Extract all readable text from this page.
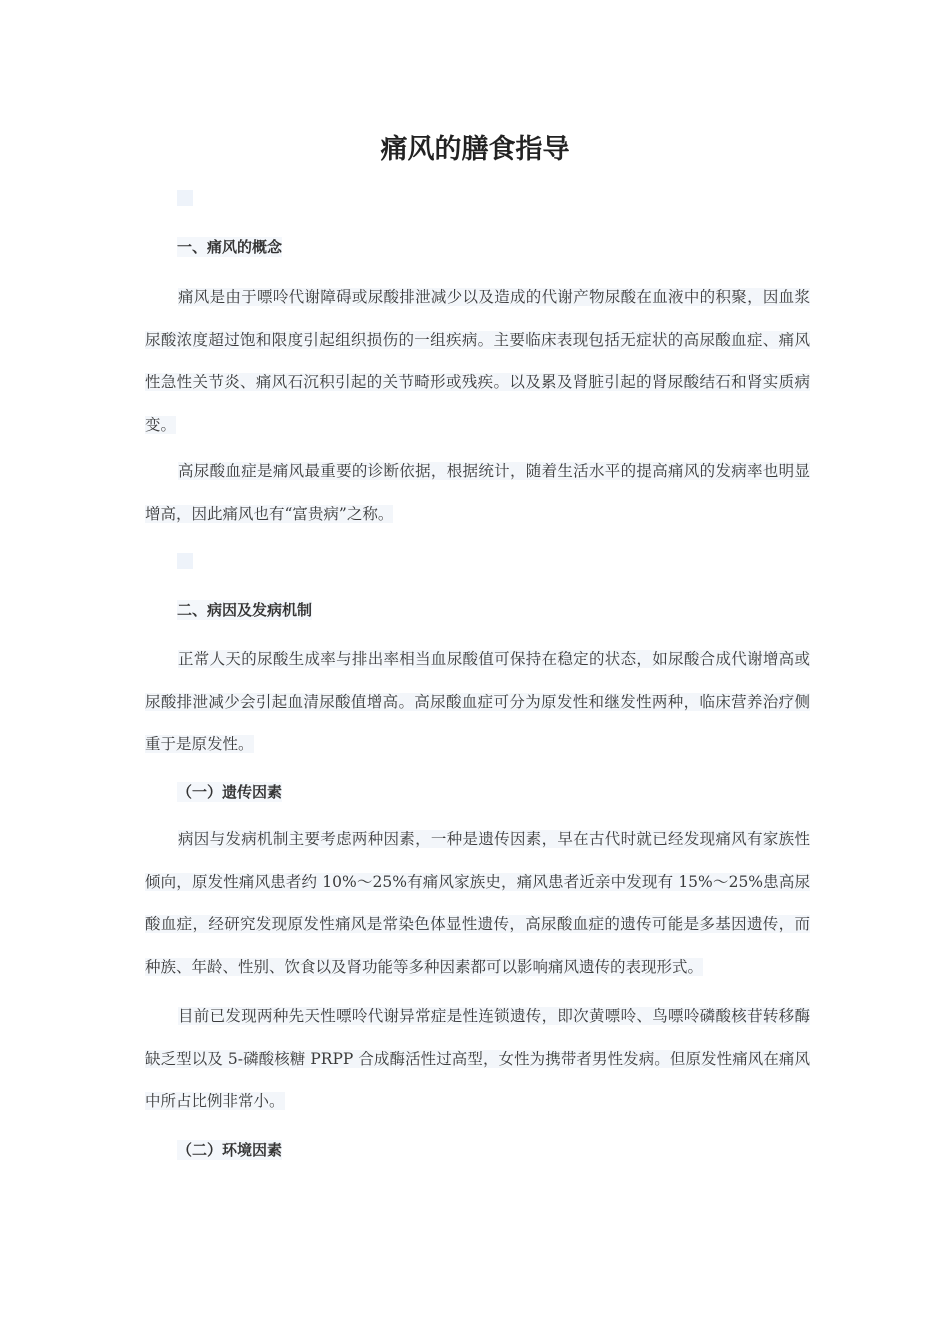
痛风的膳食指导
一、痛风的概念

痛风是由于嘌呤代谢障碍或尿酸排泄减少以及造成的代谢产物尿酸在血液中的积聚，因血浆尿酸浓度超过饱和限度引起组织损伤的一组疾病。主要临床表现包括无症状的高尿酸血症、痛风性急性关节炎、痛风石沉积引起的关节畸形或残疾。以及累及肾脏引起的肾尿酸结石和肾实质病变。

高尿酸血症是痛风最重要的诊断依据，根据统计，随着生活水平的提高痛风的发病率也明显增高，因此痛风也有“富贵病”之称。

二、病因及发病机制

正常人天的尿酸生成率与排出率相当血尿酸值可保持在稳定的状态，如尿酸合成代谢增高或尿酸排泄减少会引起血清尿酸值增高。高尿酸血症可分为原发性和继发性两种，临床营养治疗侧重于是原发性。

（一）遗传因素

病因与发病机制主要考虑两种因素，一种是遗传因素，早在古代时就已经发现痛风有家族性倾向，原发性痛风患者约 10%～25%有痛风家族史，痛风患者近亲中发现有 15%～25%患高尿酸血症，经研究发现原发性痛风是常染色体显性遗传，高尿酸血症的遗传可能是多基因遗传，而种族、年龄、性别、饮食以及肾功能等多种因素都可以影响痛风遗传的表现形式。

目前已发现两种先天性嘌呤代谢异常症是性连锁遗传，即次黄嘌呤、鸟嘌呤磷酸核苷转移酶缺乏型以及 5-磷酸核糖 PRPP 合成酶活性过高型，女性为携带者男性发病。但原发性痛风在痛风中所占比例非常小。

（二）环境因素
